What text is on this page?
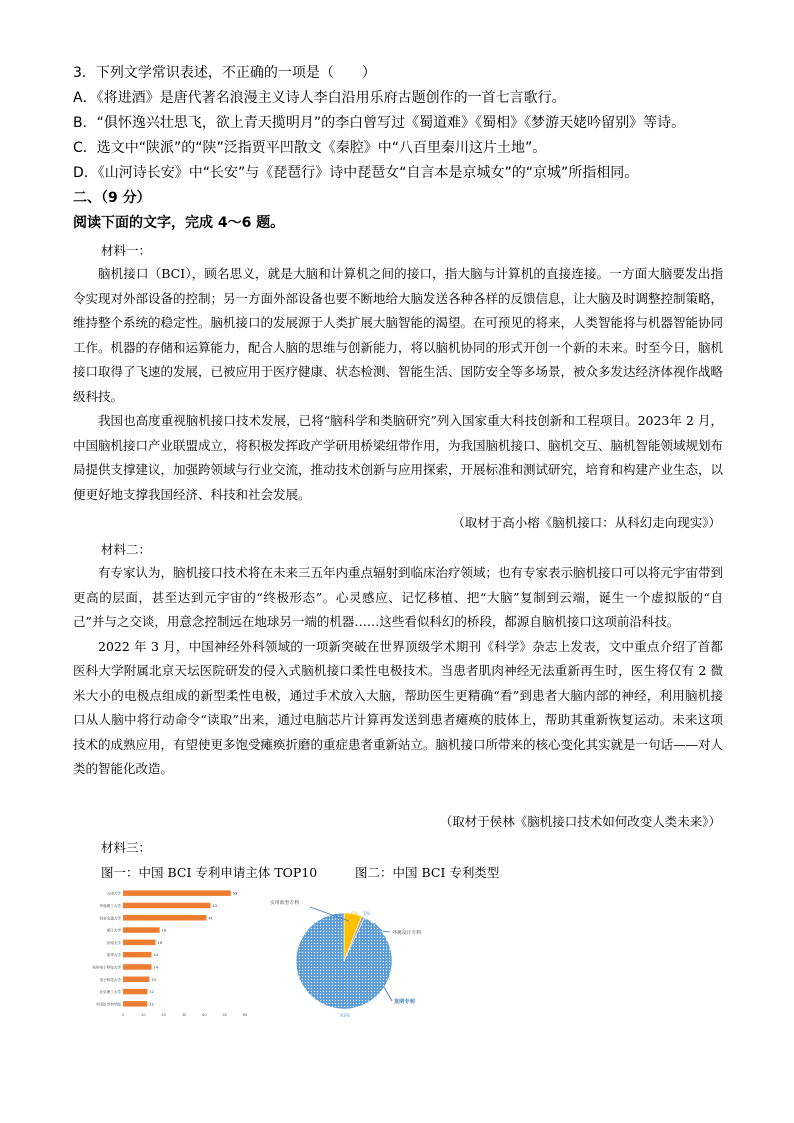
3．下列文学常识表述，不正确的一项是（　　）
A．《将进酒》是唐代著名浪漫主义诗人李白沿用乐府古题创作的一首七言歌行。
B．“俱怀逸兴壮思飞，欲上青天揽明月”的李白曾写过《蜀道难》《蜀相》《梦游天姥吟留别》等诗。
C．选文中“陕派”的“陕”泛指贾平凹散文《秦腔》中“八百里秦川这片土地”。
D．《山河诗长安》中“长安”与《琵琶行》诗中琵琶女“自言本是京城女”的“京城”所指相同。
二、（9 分）
阅读下面的文字，完成 4～6 题。
材料一：

脑机接口（BCI），顾名思义，就是大脑和计算机之间的接口，指大脑与计算机的直接连接。一方面大脑要发出指令实现对外部设备的控制；另一方面外部设备也要不断地给大脑发送各种各样的反馈信息，让大脑及时调整控制策略，维持整个系统的稳定性。脑机接口的发展源于人类扩展大脑智能的渴望。在可预见的将来，人类智能将与机器智能协同工作。机器的存储和运算能力，配合人脑的思维与创新能力，将以脑机协同的形式开创一个新的未来。时至今日，脑机接口取得了飞速的发展，已被应用于医疗健康、状态检测、智能生活、国防安全等多场景，被众多发达经济体视作战略级科技。

我国也高度重视脑机接口技术发展，已将“脑科学和类脑研究”列入国家重大科技创新和工程项目。2023年 2 月，中国脑机接口产业联盟成立，将积极发挥政产学研用桥梁纽带作用，为我国脑机接口、脑机交互、脑机智能领域规划布局提供支撑建议，加强跨领域与行业交流，推动技术创新与应用探索，开展标准和测试研究，培育和构建产业生态，以便更好地支撑我国经济、科技和社会发展。

（取材于高小榕《脑机接口：从科幻走向现实》）
材料二：

有专家认为，脑机接口技术将在未来三五年内重点辐射到临床治疗领域；也有专家表示脑机接口可以将元宇宙带到更高的层面，甚至达到元宇宙的“终极形态”。心灵感应、记忆移植、把“大脑”复制到云端，诞生一个虚拟版的“自己”并与之交谈，用意念控制远在地球另一端的机器……这些看似科幻的桥段，都源自脑机接口这项前沿科技。

2022 年 3 月，中国神经外科领域的一项新突破在世界顶级学术期刊《科学》杂志上发表，文中重点介绍了首都医科大学附属北京天坛医院研发的侵入式脑机接口柔性电极技术。当患者肌肉神经无法重新再生时，医生将仅有 2 微米大小的电极点组成的新型柔性电极，通过手术放入大脑，帮助医生更精确“看”到患者大脑内部的神经，利用脑机接口从人脑中将行动命令“读取”出来，通过电脑芯片计算再发送到患者瘫痪的肢体上，帮助其重新恢复运动。未来这项技术的成熟应用，有望使更多饱受瘫痪折磨的重症患者重新站立。脑机接口所带来的核心变化其实就是一句话——对人类的智能化改造。

（取材于侯林《脑机接口技术如何改变人类未来》）
材料三：
图一：中国 BCI 专利申请主体 TOP10	图二：中国 BCI 专利类型
天津大学	53
华南理工大学	43
西安交通大学	41
浙江大学	18
东南大学	16
清华大学	14
杭州电子科技大学	14
电子科技大学	13
北京理工大学	12
中国医学科学院	12
0	10	20	30	40	50	60
6% 1%
93%
实用新型专利
外观设计专利
发明专利
